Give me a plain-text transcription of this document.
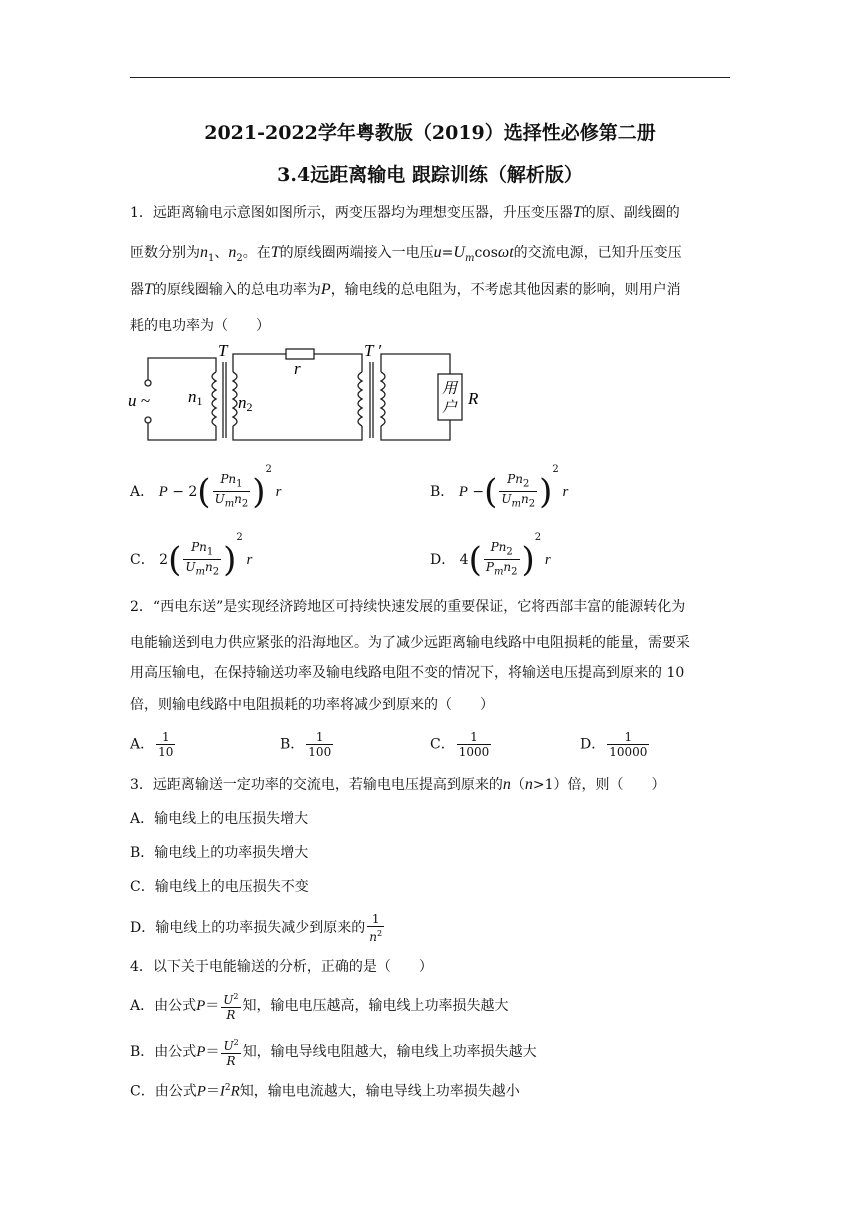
2021-2022学年粤教版（2019）选择性必修第二册
3.4远距离输电 跟踪训练（解析版）
1．远距离输电示意图如图所示，两变压器均为理想变压器，升压变压器T的原、副线圈的
匝数分别为$n_1$、$n_2$。在T的原线圈两端接入一电压$u=U_m\cos\omega t$的交流电源，已知升压变压
器T的原线圈输入的总电功率为P，输电线的总电阻为，不考虑其他因素的影响，则用户消
耗的电功率为（　　）
u ~ n1 n2
T
r
T ′
用
户 R
A． $P - 2( \frac{Pn_1}{U_mn_2} )^2$ r	B． P −( $\frac{Pn_2}{U_mn_2} )^2$ r
C． $2( \frac{Pn_1}{U_mn_2} )^2$ r	D． $4( \frac{Pn_2}{P_mn_2} )^2$ r
2．“西电东送”是实现经济跨地区可持续快速发展的重要保证，它将西部丰富的能源转化为
电能输送到电力供应紧张的沿海地区。为了减少远距离输电线路中电阻损耗的能量，需要采
用高压输电，在保持输送功率及输电线路电阻不变的情况下，将输送电压提高到原来的 10
倍，则输电线路中电阻损耗的功率将减少到原来的（　　）
A． $\frac{1}{10}$	B． $\frac{1}{100}$	C． $\frac{1}{1000}$	D． $\frac{1}{10000}$
3．远距离输送一定功率的交流电，若输电电压提高到原来的n（n>1）倍，则（　　）
A．输电线上的电压损失增大
B．输电线上的功率损失增大
C．输电线上的电压损失不变
D．输电线上的功率损失减少到原来的 $\frac{1}{n^2}$
4．以下关于电能输送的分析，正确的是（　　）
A．由公式$P= \frac{U^2}{R}$ 知，输电电压越高，输电线上功率损失越大
B．由公式$P= \frac{U^2}{R}$ 知，输电导线电阻越大，输电线上功率损失越大
C．由公式$P=I^2R$知，输电电流越大，输电导线上功率损失越小
